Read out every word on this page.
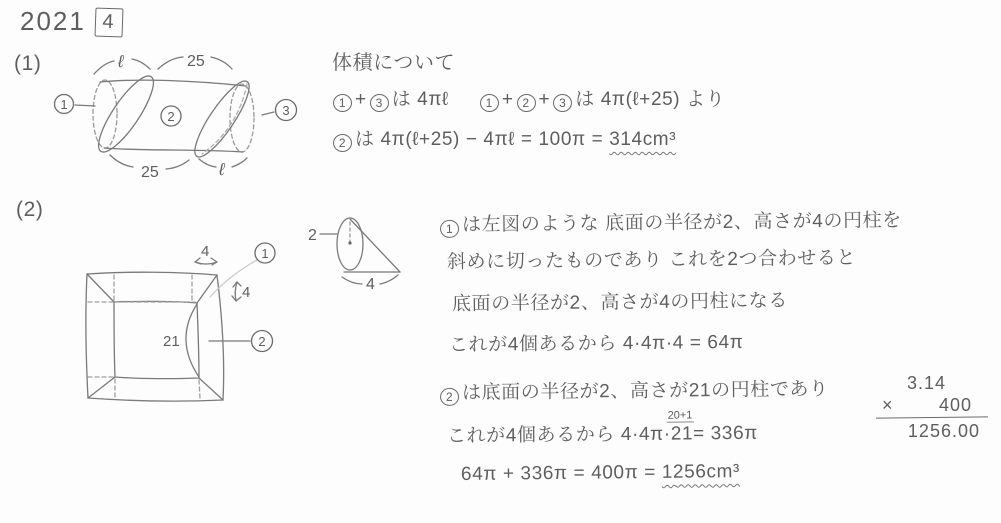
2021 4
(1)
1
2	3
ℓ	25
25	ℓ
体積について
1 + 3 は 4πℓ	1 + 2 + 3 は 4π(ℓ+25) より
2 は 4π(ℓ+25) − 4πℓ = 100π = 314cm³
(2)
1
2
4
4
21
2
4
1 は左図のような 底面の半径が2、高さが4の円柱を
斜めに切ったものであり これを2つ合わせると
底面の半径が2、高さが4の円柱になる
これが4個あるから 4·4π·4 = 64π
2 は底面の半径が2、高さが21の円柱であり
これが4個あるから 4·4π·
20+1
21= 336π
64π + 336π = 400π = 1256cm³
3.14
×	400
1256.00
